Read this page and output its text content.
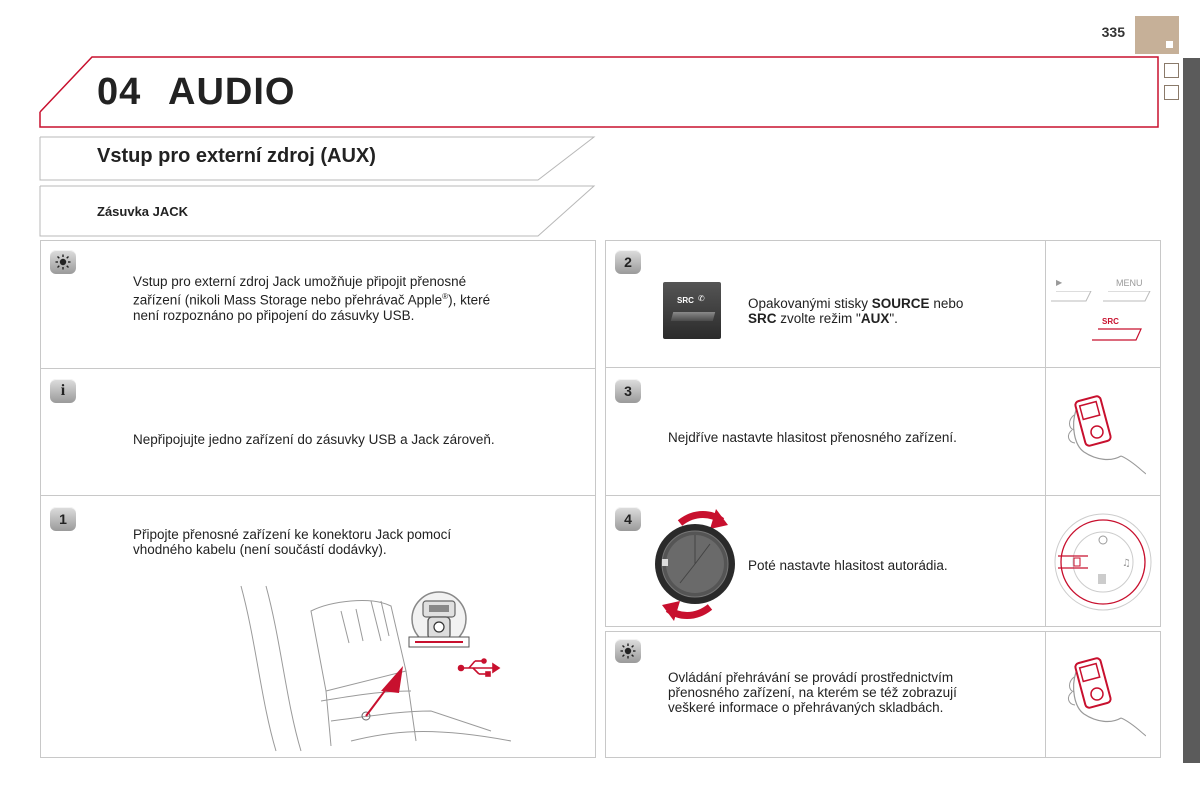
335
04 AUDIO
Vstup pro externí zdroj (AUX)
Zásuvka JACK
Vstup pro externí zdroj Jack umožňuje připojit přenosné
zařízení (nikoli Mass Storage nebo přehrávač Apple®), které
není rozpoznáno po připojení do zásuvky USB.
i
Nepřipojujte jedno zařízení do zásuvky USB a Jack zároveň.
1
Připojte přenosné zařízení ke konektoru Jack pomocí
vhodného kabelu (není součástí dodávky).
2
SRC ✆	Opakovanými stisky SOURCE nebo
SRC zvolte režim "AUX".
▶	MENU
SRC
3
Nejdříve nastavte hlasitost přenosného zařízení.
4
Poté nastavte hlasitost autorádia.	♫
Ovládání přehrávání se provádí prostřednictvím
přenosného zařízení, na kterém se též zobrazují
veškeré informace o přehrávaných skladbách.
